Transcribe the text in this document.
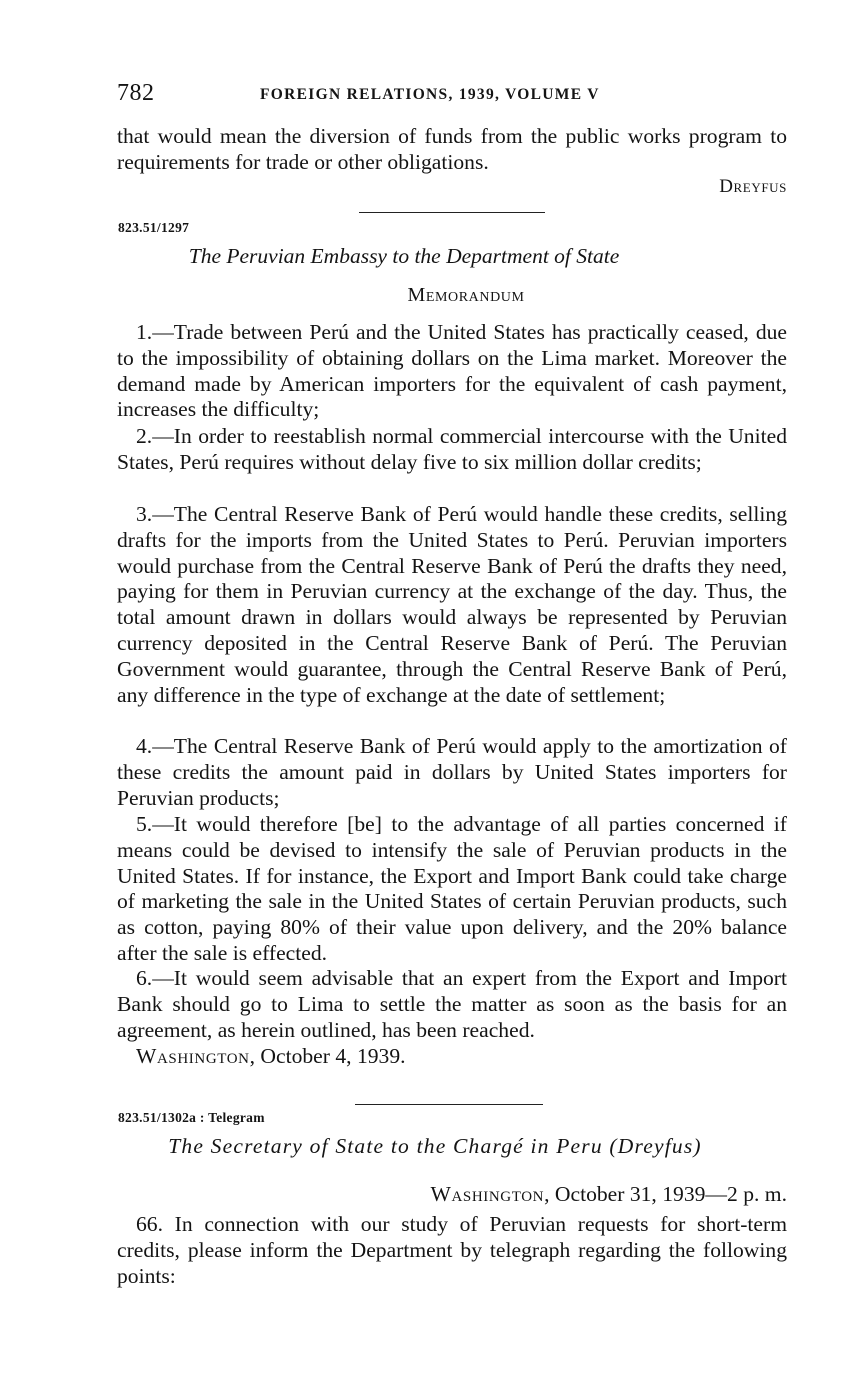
782	FOREIGN RELATIONS, 1939, VOLUME V

that would mean the diversion of funds from the public works program to requirements for trade or other obligations.

Dreyfus
823.51/1297
The Peruvian Embassy to the Department of State
Memorandum

1.—Trade between Perú and the United States has practically ceased, due to the impossibility of obtaining dollars on the Lima market. Moreover the demand made by American importers for the equivalent of cash payment, increases the difficulty;

2.—In order to reestablish normal commercial intercourse with the United States, Perú requires without delay five to six million dollar credits;

3.—The Central Reserve Bank of Perú would handle these credits, selling drafts for the imports from the United States to Perú. Peruvian importers would purchase from the Central Reserve Bank of Perú the drafts they need, paying for them in Peruvian currency at the exchange of the day. Thus, the total amount drawn in dollars would always be represented by Peruvian currency deposited in the Central Reserve Bank of Perú. The Peruvian Government would guarantee, through the Central Reserve Bank of Perú, any difference in the type of exchange at the date of settlement;

4.—The Central Reserve Bank of Perú would apply to the amortization of these credits the amount paid in dollars by United States importers for Peruvian products;

5.—It would therefore [be] to the advantage of all parties concerned if means could be devised to intensify the sale of Peruvian products in the United States. If for instance, the Export and Import Bank could take charge of marketing the sale in the United States of certain Peruvian products, such as cotton, paying 80% of their value upon delivery, and the 20% balance after the sale is effected.

6.—It would seem advisable that an expert from the Export and Import Bank should go to Lima to settle the matter as soon as the basis for an agreement, as herein outlined, has been reached.

Washington, October 4, 1939.
823.51/1302a : Telegram
The Secretary of State to the Chargé in Peru (Dreyfus)
Washington, October 31, 1939—2 p. m.

66. In connection with our study of Peruvian requests for short-term credits, please inform the Department by telegraph regarding the following points:
